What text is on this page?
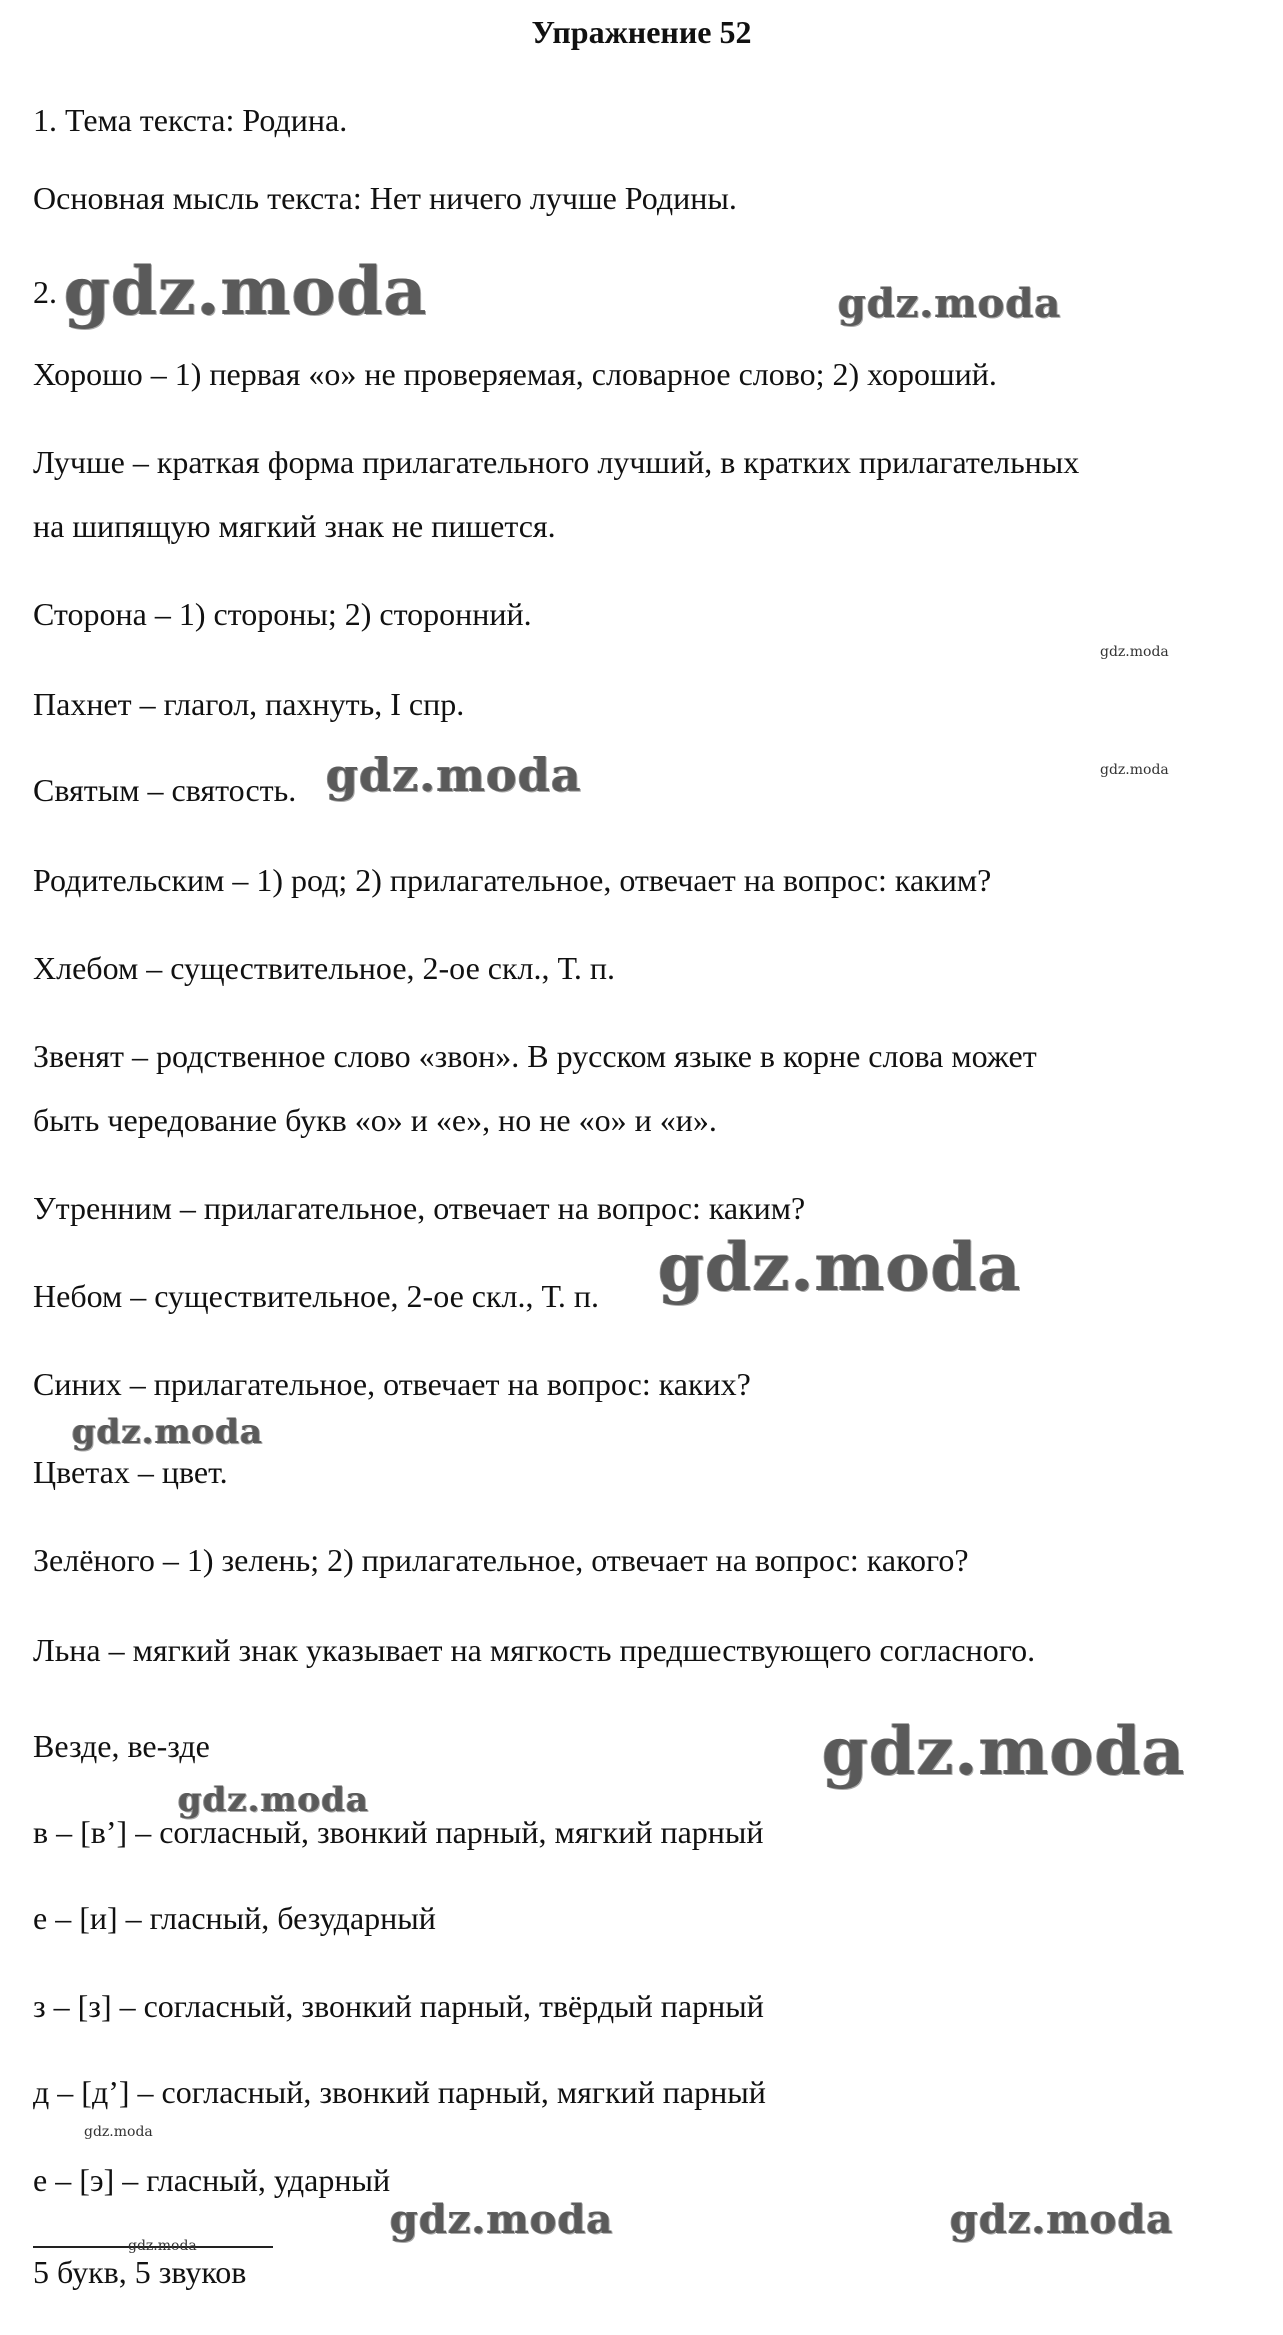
Упражнение 52
1. Тема текста: Родина.
Основная мысль текста: Нет ничего лучше Родины.
2.
Хорошо – 1) первая «о» не проверяемая, словарное слово; 2) хороший.
Лучше – краткая форма прилагательного лучший, в кратких прилагательных
на шипящую мягкий знак не пишется.
Сторона – 1) стороны; 2) сторонний.
Пахнет – глагол, пахнуть, I спр.
Святым – святость.
Родительским – 1) род; 2) прилагательное, отвечает на вопрос: каким?
Хлебом – существительное, 2-ое скл., Т. п.
Звенят – родственное слово «звон». В русском языке в корне слова может
быть чередование букв «о» и «е», но не «о» и «и».
Утренним – прилагательное, отвечает на вопрос: каким?
Небом – существительное, 2-ое скл., Т. п.
Синих – прилагательное, отвечает на вопрос: каких?
Цветах – цвет.
Зелёного – 1) зелень; 2) прилагательное, отвечает на вопрос: какого?
Льна – мягкий знак указывает на мягкость предшествующего согласного.
Везде, ве-зде
в – [в’] – согласный, звонкий парный, мягкий парный
е – [и] – гласный, безударный
з – [з] – согласный, звонкий парный, твёрдый парный
д – [д’] – согласный, звонкий парный, мягкий парный
е – [э] – гласный, ударный
5 букв, 5 звуков
gdz.moda	gdz.moda
gdz.moda
gdz.moda
gdz.moda
gdz.moda
gdz.moda
gdz.moda
gdz.moda
gdz.moda
gdz.moda	gdz.moda
gdz.moda
